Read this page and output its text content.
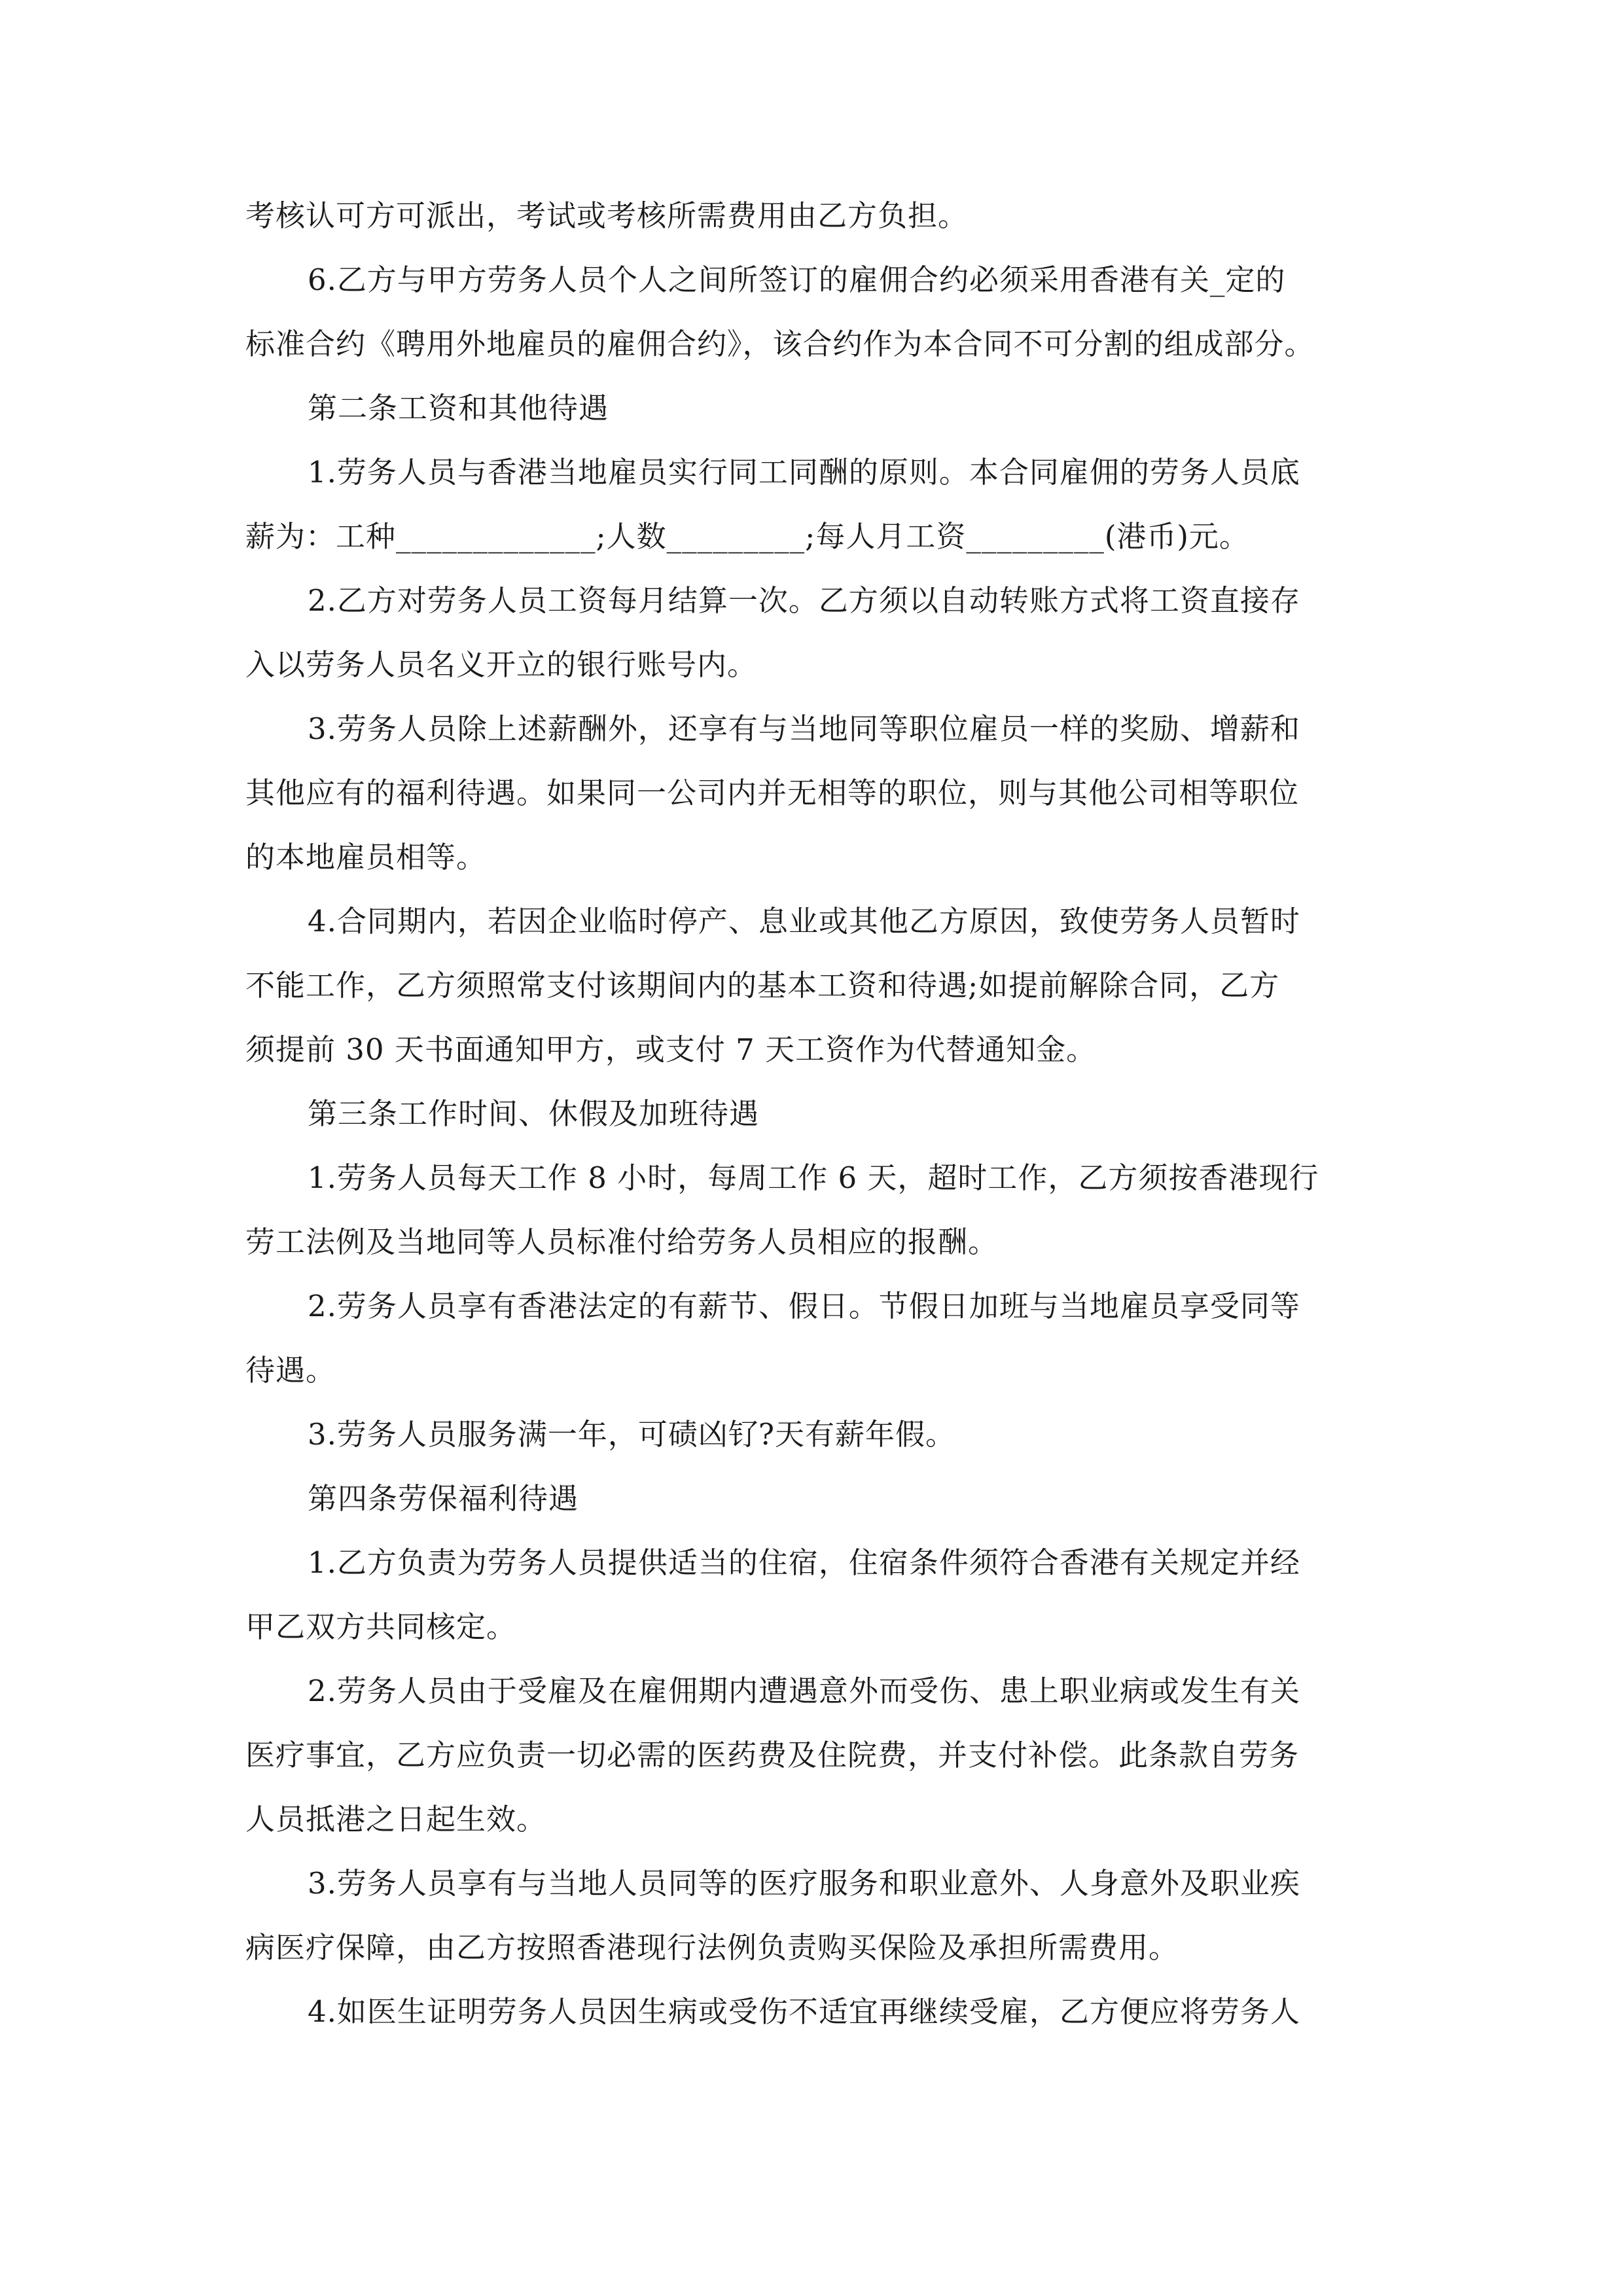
考核认可方可派出，考试或考核所需费用由乙方负担。
6.乙方与甲方劳务人员个人之间所签订的雇佣合约必须采用香港有关_定的
标准合约《聘用外地雇员的雇佣合约》，该合约作为本合同不可分割的组成部分。
第二条工资和其他待遇
1.劳务人员与香港当地雇员实行同工同酬的原则。本合同雇佣的劳务人员底
薪为：工种_____________;人数_________;每人月工资_________(港币)元。
2.乙方对劳务人员工资每月结算一次。乙方须以自动转账方式将工资直接存
入以劳务人员名义开立的银行账号内。
3.劳务人员除上述薪酬外，还享有与当地同等职位雇员一样的奖励、增薪和
其他应有的福利待遇。如果同一公司内并无相等的职位，则与其他公司相等职位
的本地雇员相等。
4.合同期内，若因企业临时停产、息业或其他乙方原因，致使劳务人员暂时
不能工作，乙方须照常支付该期间内的基本工资和待遇;如提前解除合同，乙方
须提前 30 天书面通知甲方，或支付 7 天工资作为代替通知金。
第三条工作时间、休假及加班待遇
1.劳务人员每天工作 8 小时，每周工作 6 天，超时工作，乙方须按香港现行
劳工法例及当地同等人员标准付给劳务人员相应的报酬。
2.劳务人员享有香港法定的有薪节、假日。节假日加班与当地雇员享受同等
待遇。
3.劳务人员服务满一年，可碛凶钌?天有薪年假。
第四条劳保福利待遇
1.乙方负责为劳务人员提供适当的住宿，住宿条件须符合香港有关规定并经
甲乙双方共同核定。
2.劳务人员由于受雇及在雇佣期内遭遇意外而受伤、患上职业病或发生有关
医疗事宜，乙方应负责一切必需的医药费及住院费，并支付补偿。此条款自劳务
人员抵港之日起生效。
3.劳务人员享有与当地人员同等的医疗服务和职业意外、人身意外及职业疾
病医疗保障，由乙方按照香港现行法例负责购买保险及承担所需费用。
4.如医生证明劳务人员因生病或受伤不适宜再继续受雇，乙方便应将劳务人
